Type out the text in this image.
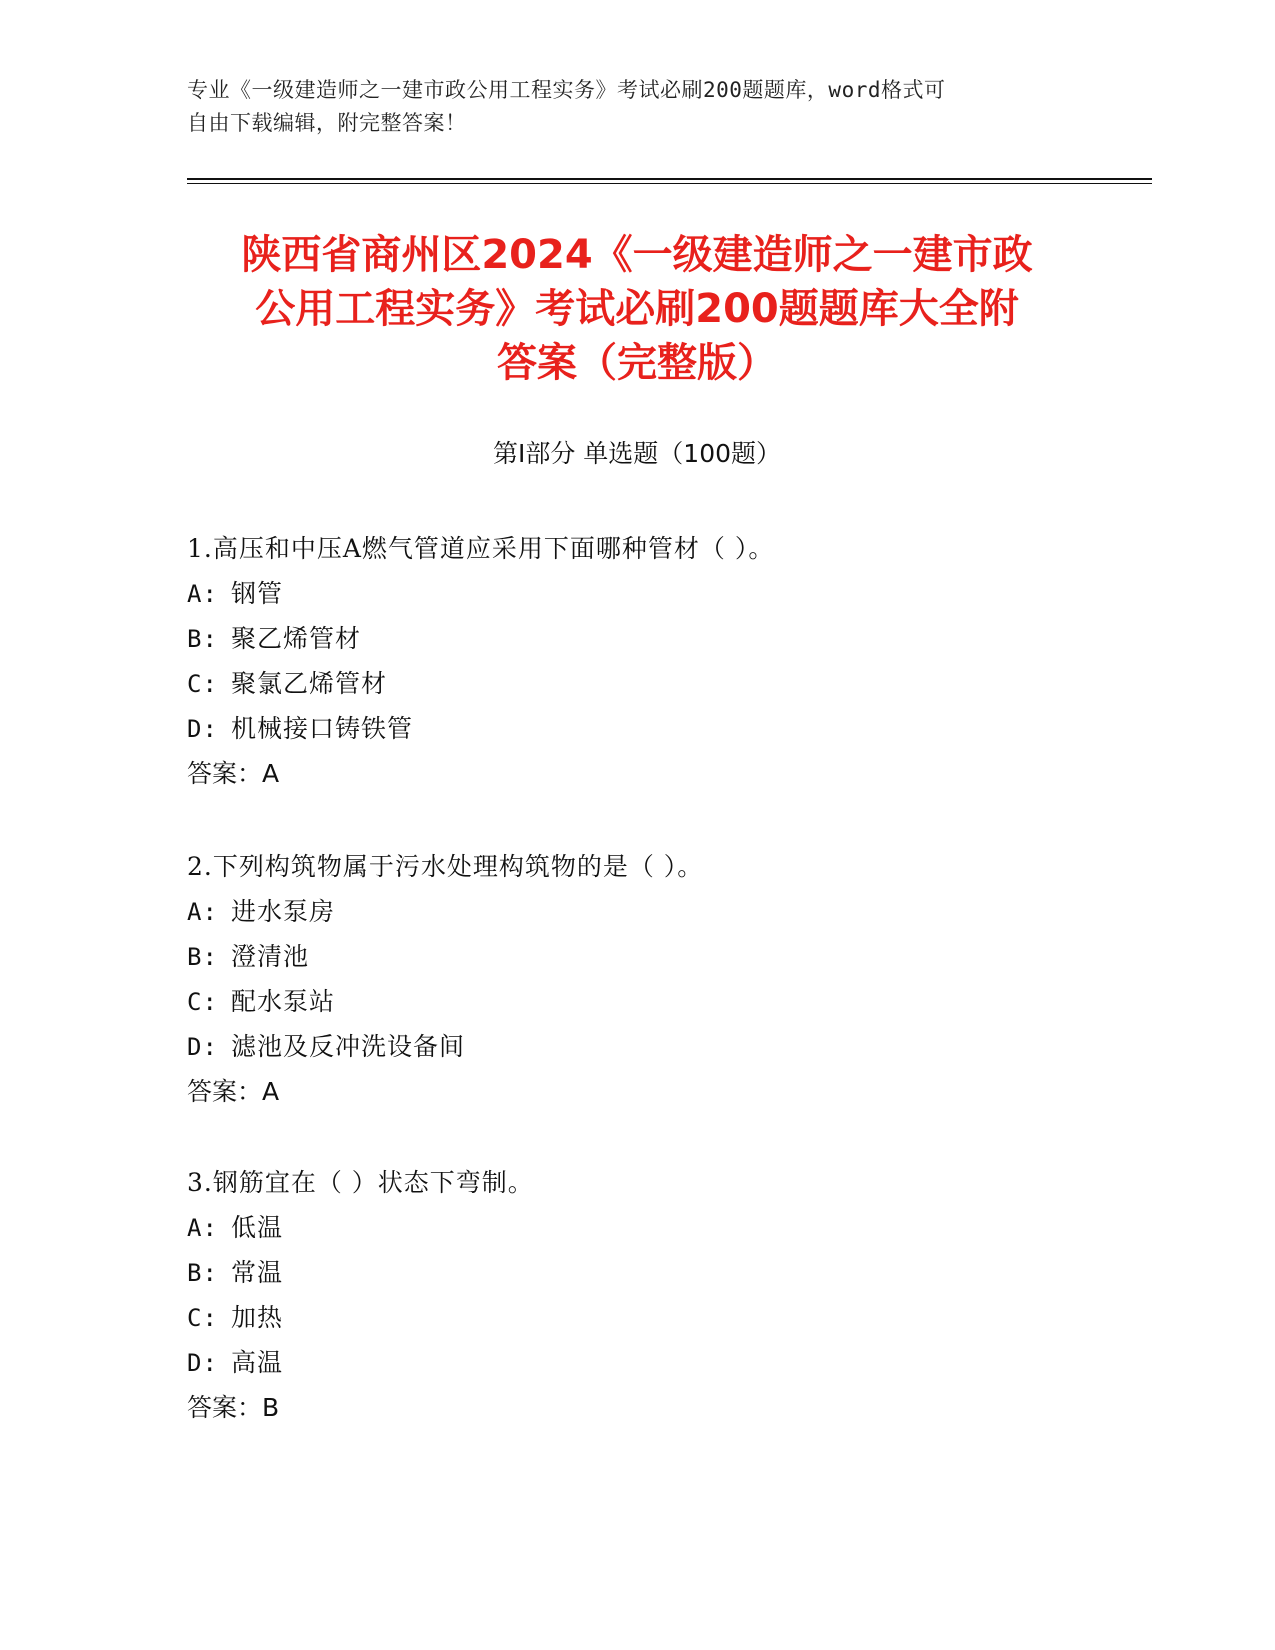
专业《一级建造师之一建市政公用工程实务》考试必刷200题题库，word格式可
自由下载编辑，附完整答案！
陕西省商州区2024《一级建造师之一建市政
公用工程实务》考试必刷200题题库大全附
答案（完整版）
第Ⅰ部分 单选题（100题）
1.高压和中压A燃气管道应采用下面哪种管材（ ）。
A: 钢管
B: 聚乙烯管材
C: 聚氯乙烯管材
D: 机械接口铸铁管
答案：A
2.下列构筑物属于污水处理构筑物的是（ ）。
A: 进水泵房
B: 澄清池
C: 配水泵站
D: 滤池及反冲洗设备间
答案：A
3.钢筋宜在（ ）状态下弯制。
A: 低温
B: 常温
C: 加热
D: 高温
答案：B
